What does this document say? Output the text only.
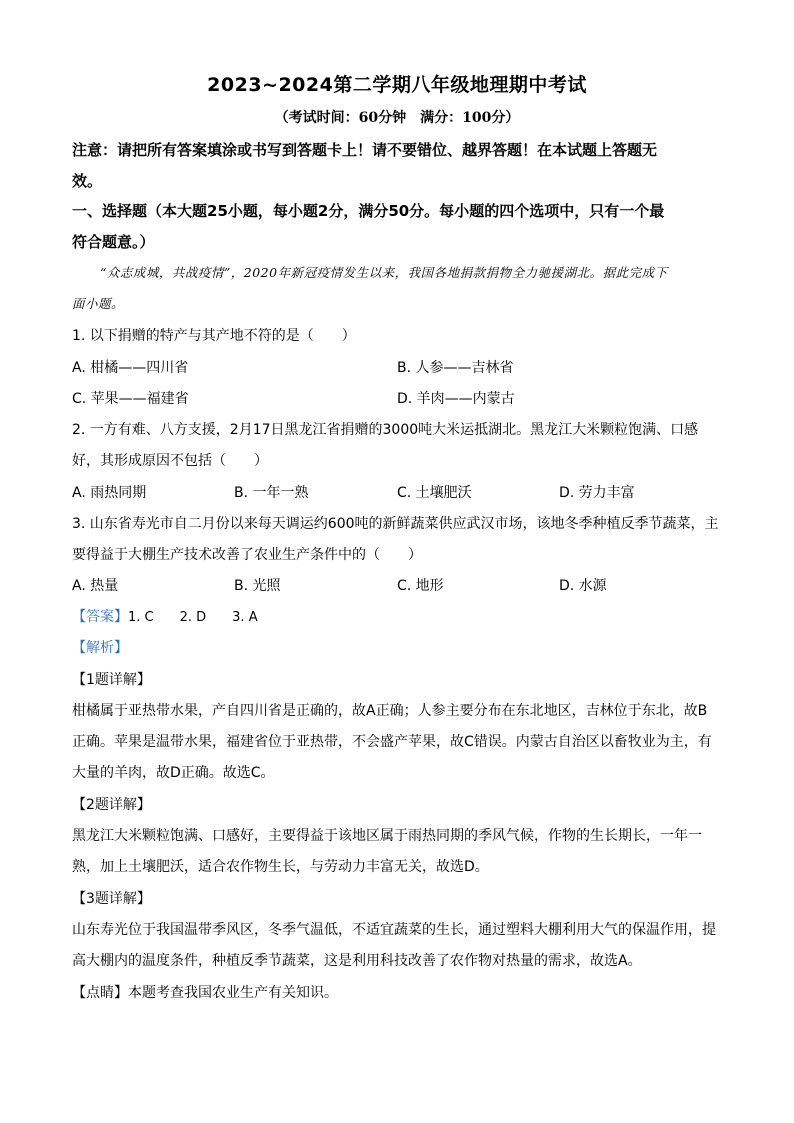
2023~2024第二学期八年级地理期中考试
（考试时间：60分钟　满分：100分）
注意：请把所有答案填涂或书写到答题卡上！请不要错位、越界答题！在本试题上答题无
效。
一、选择题（本大题25小题，每小题2分，满分50分。每小题的四个选项中，只有一个最
符合题意。）
“众志成城，共战疫情”，2020年新冠疫情发生以来，我国各地捐款捐物全力驰援湖北。据此完成下
面小题。
1. 以下捐赠的特产与其产地不符的是（　　）
A. 柑橘——四川省	B. 人参——吉林省
C. 苹果——福建省	D. 羊肉——内蒙古
2. 一方有难、八方支援，2月17日黑龙江省捐赠的3000吨大米运抵湖北。黑龙江大米颗粒饱满、口感
好，其形成原因不包括（　　）
A. 雨热同期	B. 一年一熟	C. 土壤肥沃	D. 劳力丰富
3. 山东省寿光市自二月份以来每天调运约600吨的新鲜蔬菜供应武汉市场，该地冬季种植反季节蔬菜，主
要得益于大棚生产技术改善了农业生产条件中的（　　）
A. 热量	B. 光照	C. 地形	D. 水源
【答案】1. C　　2. D　　3. A
【解析】
【1题详解】
柑橘属于亚热带水果，产自四川省是正确的，故A正确；人参主要分布在东北地区，吉林位于东北，故B
正确。苹果是温带水果，福建省位于亚热带，不会盛产苹果，故C错误。内蒙古自治区以畜牧业为主，有
大量的羊肉，故D正确。故选C。
【2题详解】
黑龙江大米颗粒饱满、口感好，主要得益于该地区属于雨热同期的季风气候，作物的生长期长，一年一
熟，加上土壤肥沃，适合农作物生长，与劳动力丰富无关，故选D。
【3题详解】
山东寿光位于我国温带季风区，冬季气温低，不适宜蔬菜的生长，通过塑料大棚利用大气的保温作用，提
高大棚内的温度条件，种植反季节蔬菜，这是利用科技改善了农作物对热量的需求，故选A。
【点睛】本题考查我国农业生产有关知识。
